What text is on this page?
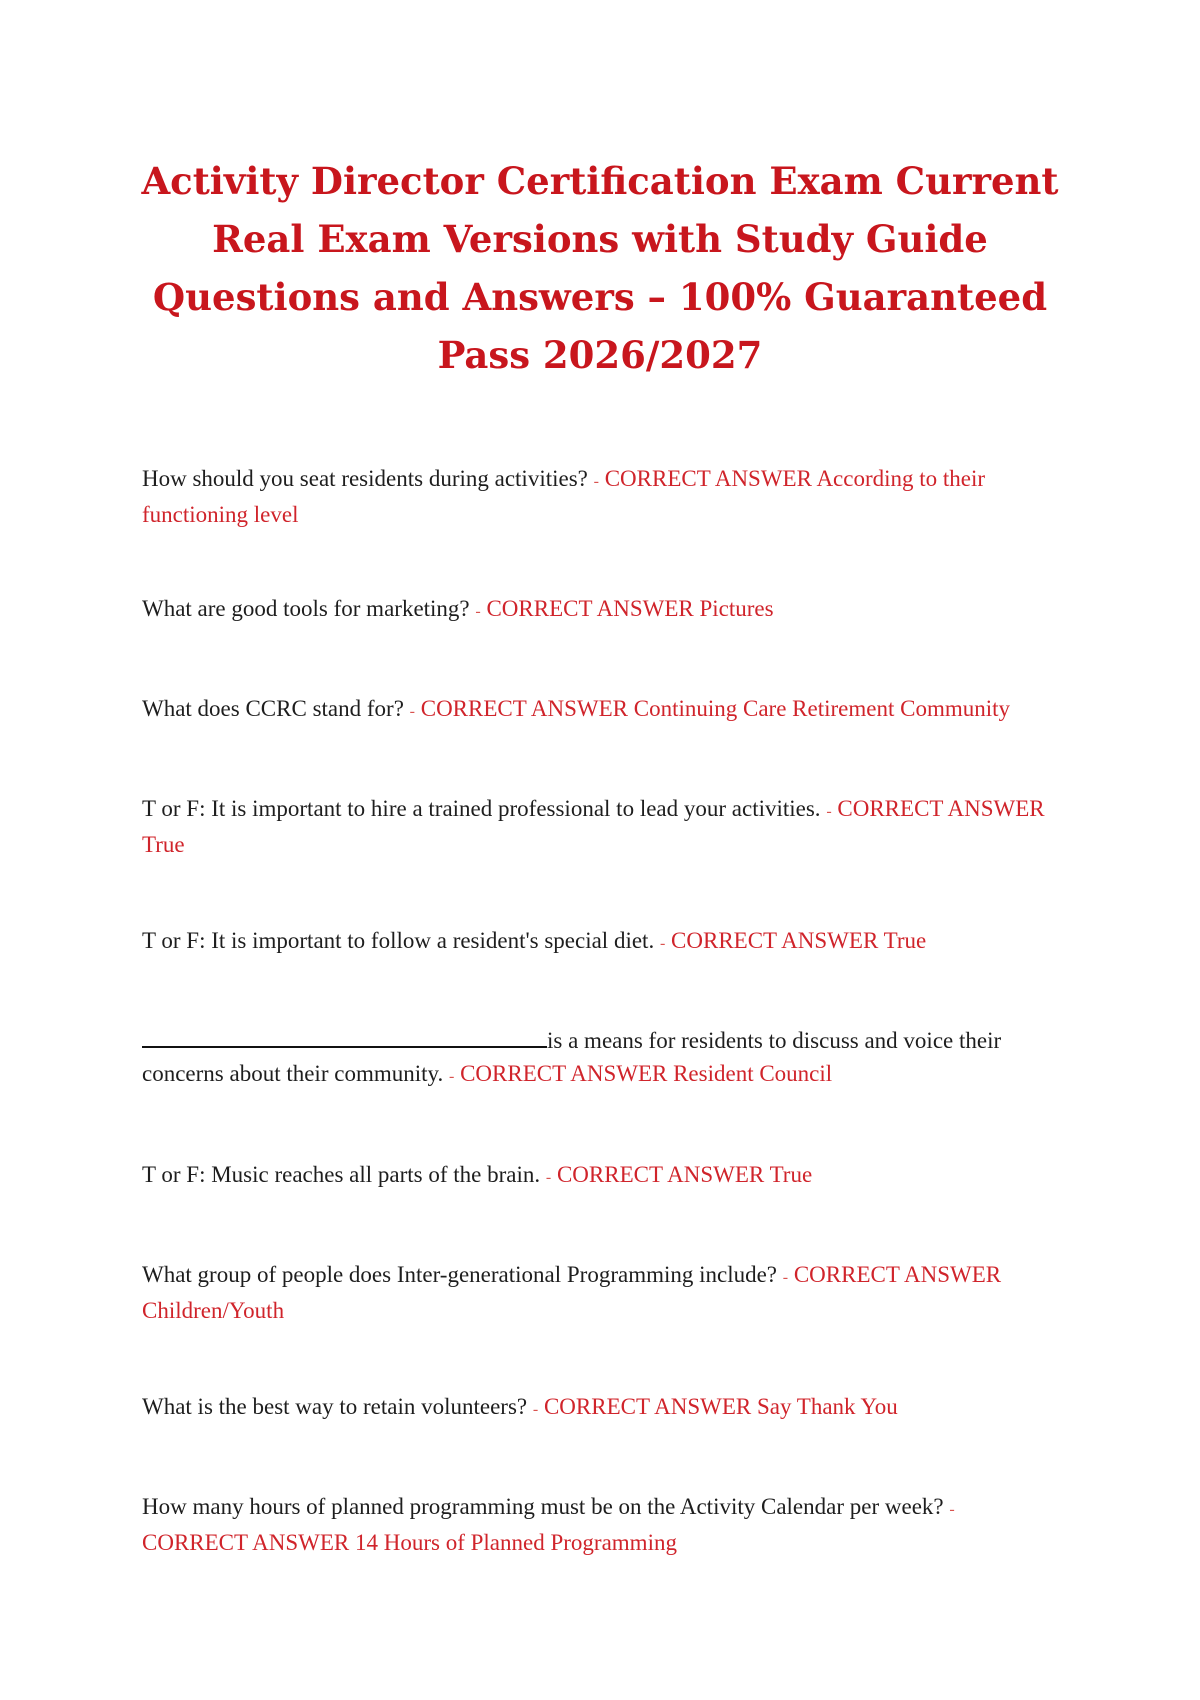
Activity Director Certification Exam Current Real Exam Versions with Study Guide Questions and Answers – 100% Guaranteed Pass 2026/2027

How should you seat residents during activities? - CORRECT ANSWER According to their functioning level

What are good tools for marketing? - CORRECT ANSWER Pictures

What does CCRC stand for? - CORRECT ANSWER Continuing Care Retirement Community

T or F: It is important to hire a trained professional to lead your activities. - CORRECT ANSWER True

T or F: It is important to follow a resident's special diet. - CORRECT ANSWER True

is a means for residents to discuss and voice their concerns about their community. - CORRECT ANSWER Resident Council

T or F: Music reaches all parts of the brain. - CORRECT ANSWER True

What group of people does Inter-generational Programming include? - CORRECT ANSWER Children/Youth

What is the best way to retain volunteers? - CORRECT ANSWER Say Thank You

How many hours of planned programming must be on the Activity Calendar per week? - CORRECT ANSWER 14 Hours of Planned Programming
